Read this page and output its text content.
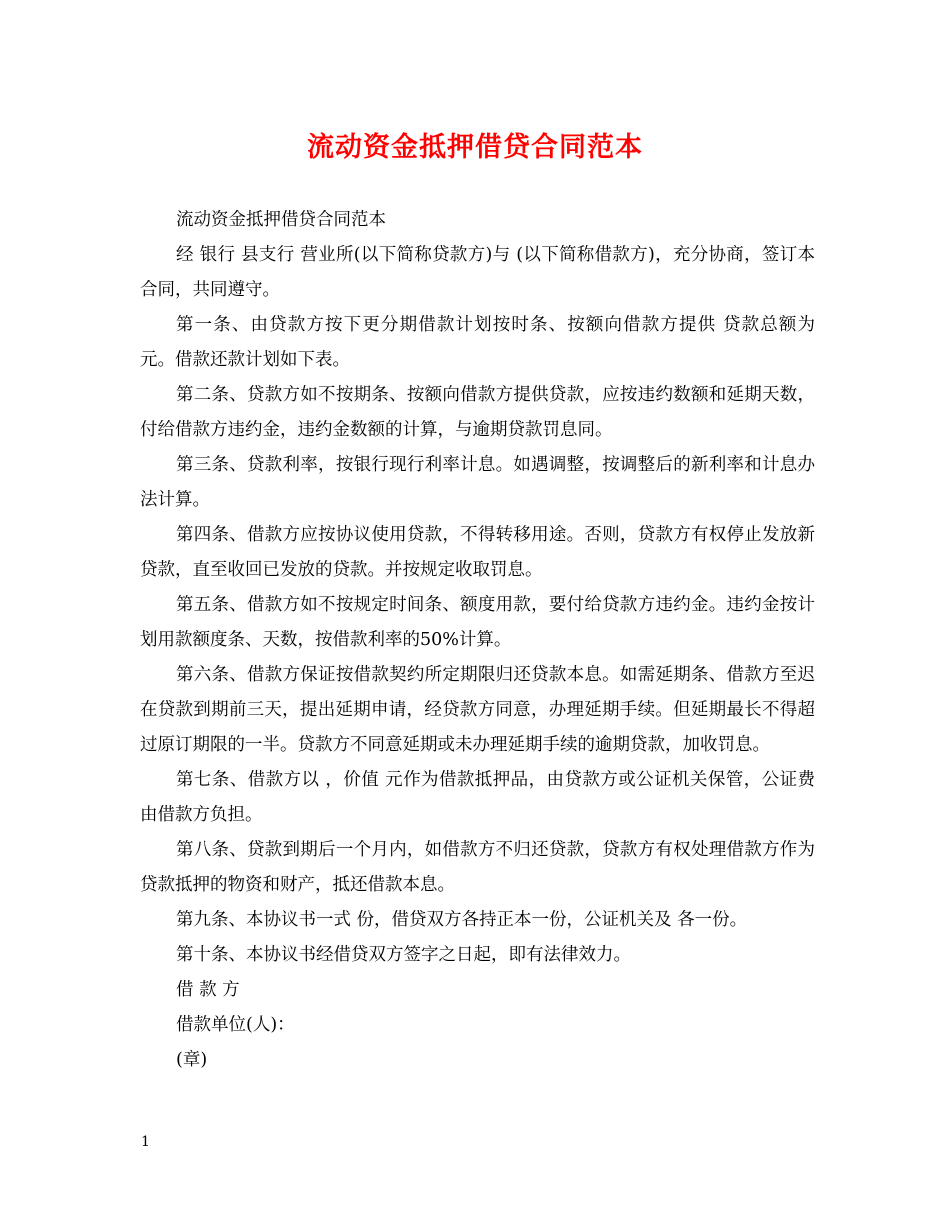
流动资金抵押借贷合同范本

流动资金抵押借贷合同范本

经 银行 县支行 营业所(以下简称贷款方)与 (以下简称借款方)，充分协商，签订本合同，共同遵守。

第一条、由贷款方按下更分期借款计划按时条、按额向借款方提供 贷款总额为 元。借款还款计划如下表。

第二条、贷款方如不按期条、按额向借款方提供贷款，应按违约数额和延期天数，付给借款方违约金，违约金数额的计算，与逾期贷款罚息同。

第三条、贷款利率，按银行现行利率计息。如遇调整，按调整后的新利率和计息办法计算。

第四条、借款方应按协议使用贷款，不得转移用途。否则，贷款方有权停止发放新贷款，直至收回已发放的贷款。并按规定收取罚息。

第五条、借款方如不按规定时间条、额度用款，要付给贷款方违约金。违约金按计划用款额度条、天数，按借款利率的50%计算。

第六条、借款方保证按借款契约所定期限归还贷款本息。如需延期条、借款方至迟在贷款到期前三天，提出延期申请，经贷款方同意，办理延期手续。但延期最长不得超过原订期限的一半。贷款方不同意延期或未办理延期手续的逾期贷款，加收罚息。

第七条、借款方以 ，价值 元作为借款抵押品，由贷款方或公证机关保管，公证费由借款方负担。

第八条、贷款到期后一个月内，如借款方不归还贷款，贷款方有权处理借款方作为贷款抵押的物资和财产，抵还借款本息。

第九条、本协议书一式 份，借贷双方各持正本一份，公证机关及 各一份。

第十条、本协议书经借贷双方签字之日起，即有法律效力。

借 款 方

借款单位(人)：

(章)

1
